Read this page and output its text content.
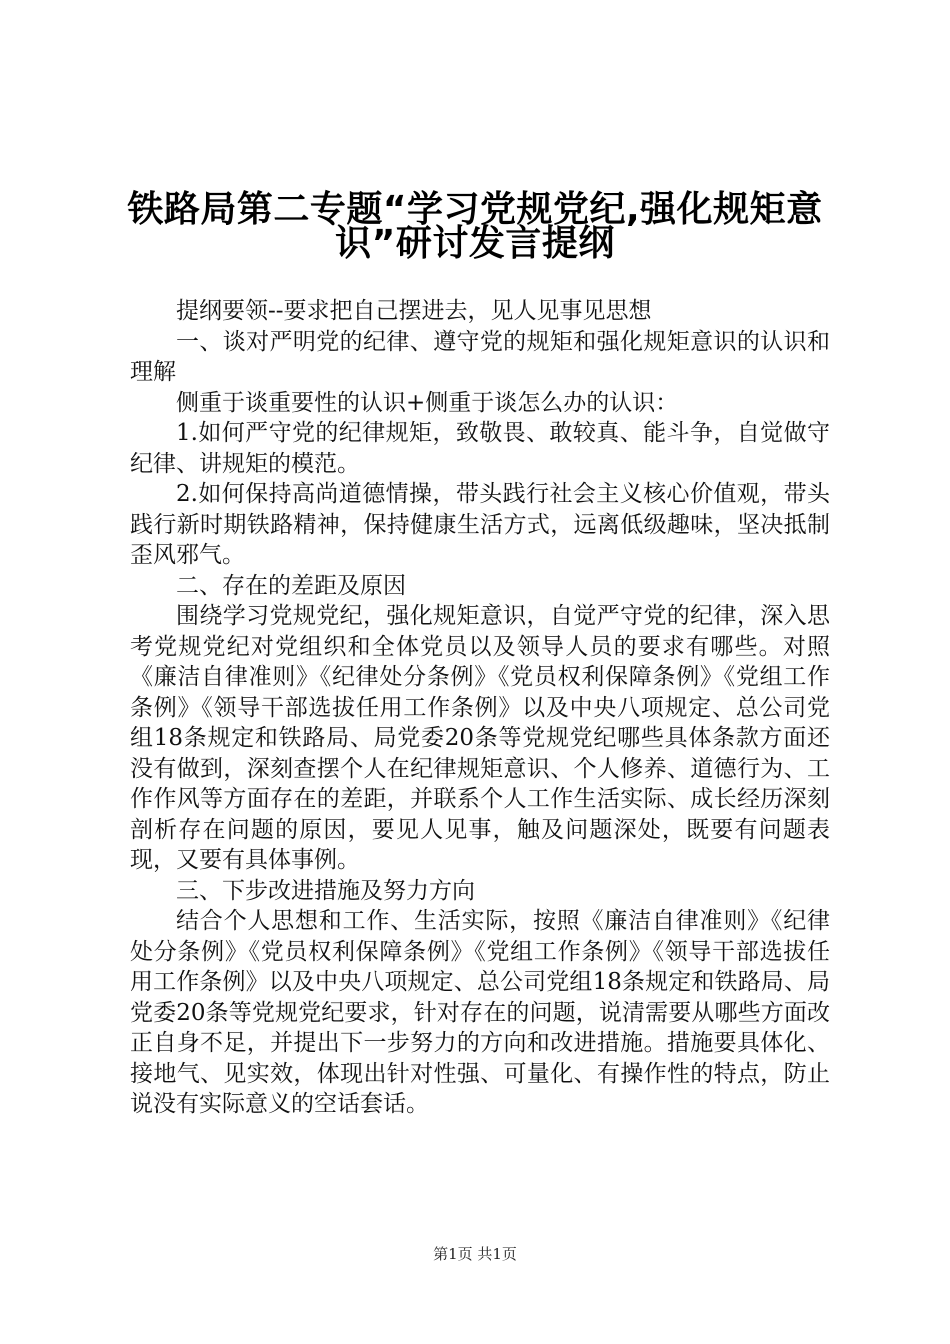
铁路局第二专题“学习党规党纪,强化规矩意
识”研讨发言提纲

提纲要领--要求把自己摆进去，见人见事见思想

一、谈对严明党的纪律、遵守党的规矩和强化规矩意识的认识和理解

侧重于谈重要性的认识+侧重于谈怎么办的认识：

1.如何严守党的纪律规矩，致敬畏、敢较真、能斗争，自觉做守纪律、讲规矩的模范。

2.如何保持高尚道德情操，带头践行社会主义核心价值观，带头践行新时期铁路精神，保持健康生活方式，远离低级趣味，坚决抵制歪风邪气。

二、存在的差距及原因

围绕学习党规党纪，强化规矩意识，自觉严守党的纪律，深入思考党规党纪对党组织和全体党员以及领导人员的要求有哪些。对照《廉洁自律准则》《纪律处分条例》《党员权利保障条例》《党组工作条例》《领导干部选拔任用工作条例》以及中央八项规定、总公司党组18条规定和铁路局、局党委20条等党规党纪哪些具体条款方面还没有做到，深刻查摆个人在纪律规矩意识、个人修养、道德行为、工作作风等方面存在的差距，并联系个人工作生活实际、成长经历深刻剖析存在问题的原因，要见人见事，触及问题深处，既要有问题表现，又要有具体事例。

三、下步改进措施及努力方向

结合个人思想和工作、生活实际，按照《廉洁自律准则》《纪律处分条例》《党员权利保障条例》《党组工作条例》《领导干部选拔任用工作条例》以及中央八项规定、总公司党组18条规定和铁路局、局党委20条等党规党纪要求，针对存在的问题，说清需要从哪些方面改正自身不足，并提出下一步努力的方向和改进措施。措施要具体化、接地气、见实效，体现出针对性强、可量化、有操作性的特点，防止说没有实际意义的空话套话。

第1页 共1页
